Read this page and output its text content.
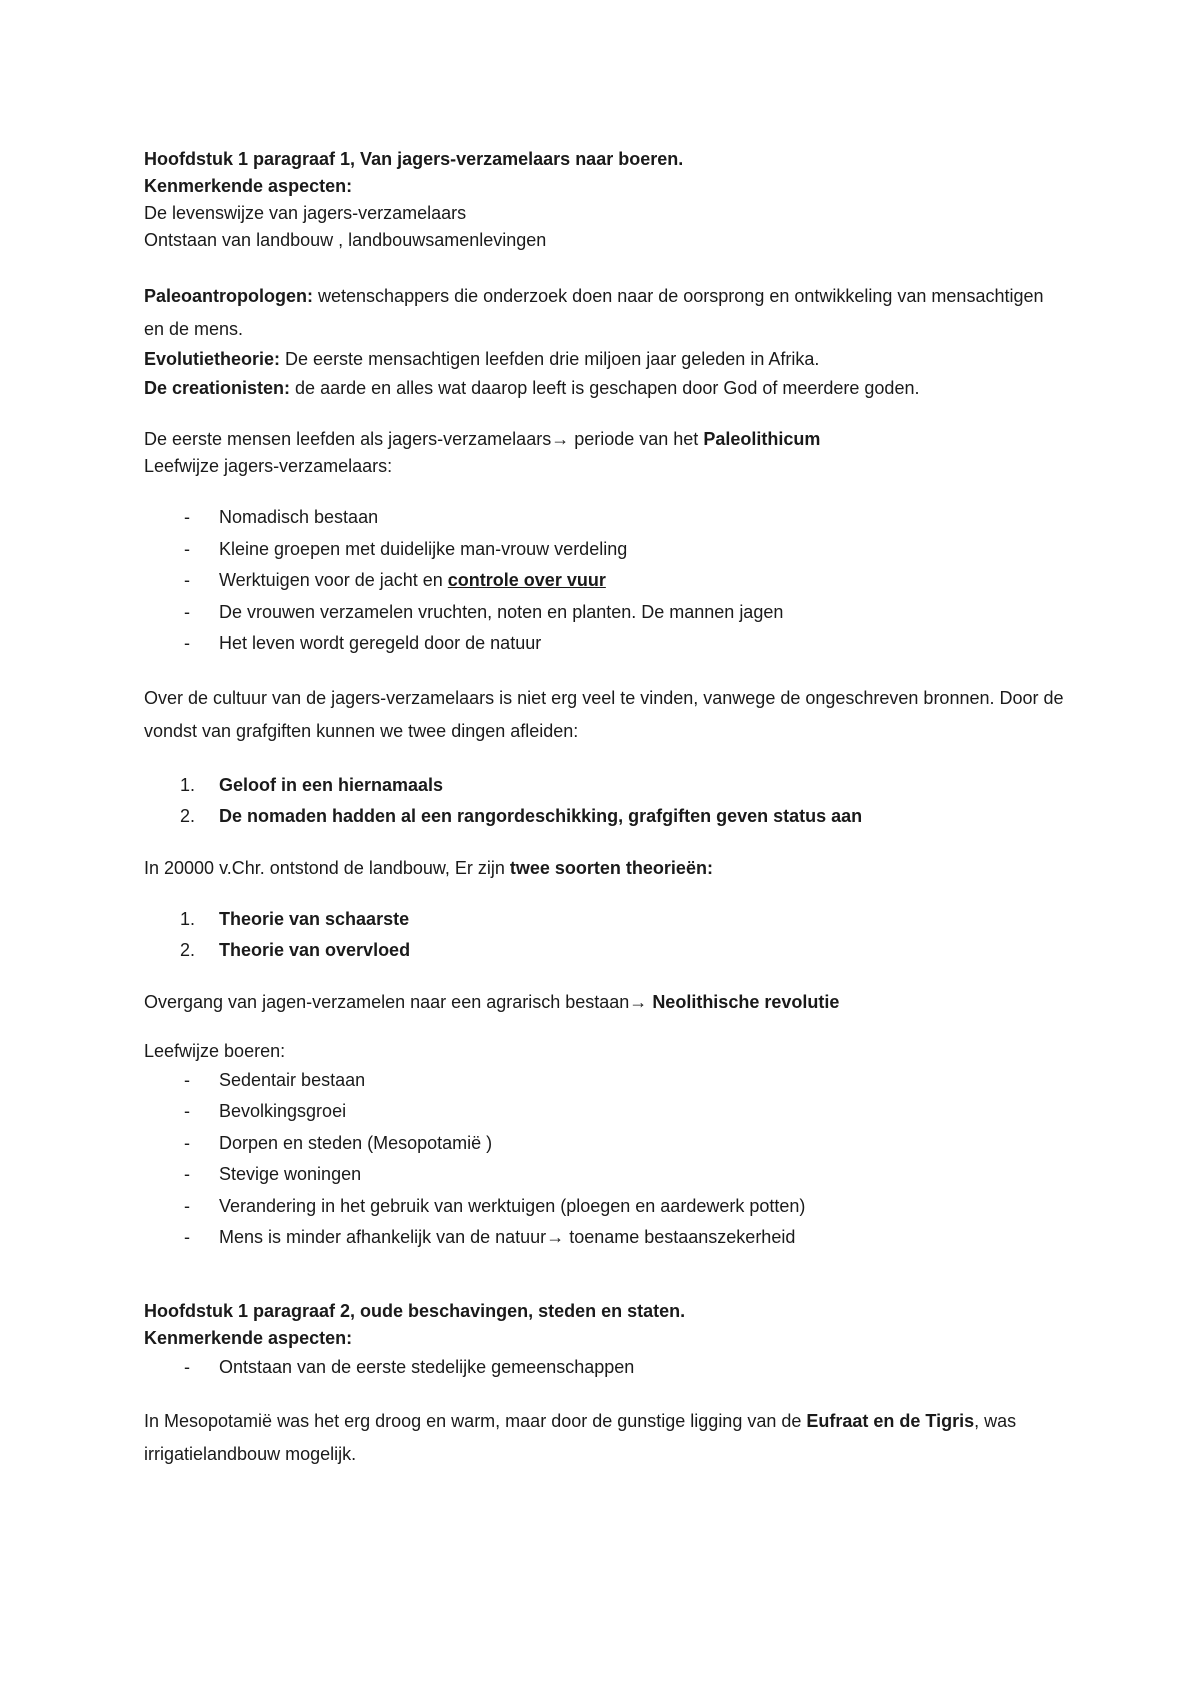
Hoofdstuk 1 paragraaf 1, Van jagers-verzamelaars naar boeren.

Kenmerkende aspecten:

De levenswijze van jagers-verzamelaars

Ontstaan van landbouw , landbouwsamenlevingen

Paleoantropologen: wetenschappers die onderzoek doen naar de oorsprong en ontwikkeling van mensachtigen en de mens.

Evolutietheorie: De eerste mensachtigen leefden drie miljoen jaar geleden in Afrika.

De creationisten: de aarde en alles wat daarop leeft is geschapen door God of meerdere goden.

De eerste mensen leefden als jagers-verzamelaars→ periode van het Paleolithicum

Leefwijze jagers-verzamelaars:

- Nomadisch bestaan
- Kleine groepen met duidelijke man-vrouw verdeling
- Werktuigen voor de jacht en controle over vuur
- De vrouwen verzamelen vruchten, noten en planten. De mannen jagen
- Het leven wordt geregeld door de natuur

Over de cultuur van de jagers-verzamelaars is niet erg veel te vinden, vanwege de ongeschreven bronnen. Door de vondst van grafgiften kunnen we twee dingen afleiden:

1. Geloof in een hiernamaals
2. De nomaden hadden al een rangordeschikking, grafgiften geven status aan

In 20000 v.Chr. ontstond de landbouw, Er zijn twee soorten theorieën:

1. Theorie van schaarste
2. Theorie van overvloed

Overgang van jagen-verzamelen naar een agrarisch bestaan→ Neolithische revolutie

Leefwijze boeren:

- Sedentair bestaan
- Bevolkingsgroei
- Dorpen en steden (Mesopotamië )
- Stevige woningen
- Verandering in het gebruik van werktuigen (ploegen en aardewerk potten)
- Mens is minder afhankelijk van de natuur→ toename bestaanszekerheid

Hoofdstuk 1 paragraaf 2, oude beschavingen, steden en staten.

Kenmerkende aspecten:

- Ontstaan van de eerste stedelijke gemeenschappen

In Mesopotamië was het erg droog en warm, maar door de gunstige ligging van de Eufraat en de Tigris, was irrigatielandbouw mogelijk.
